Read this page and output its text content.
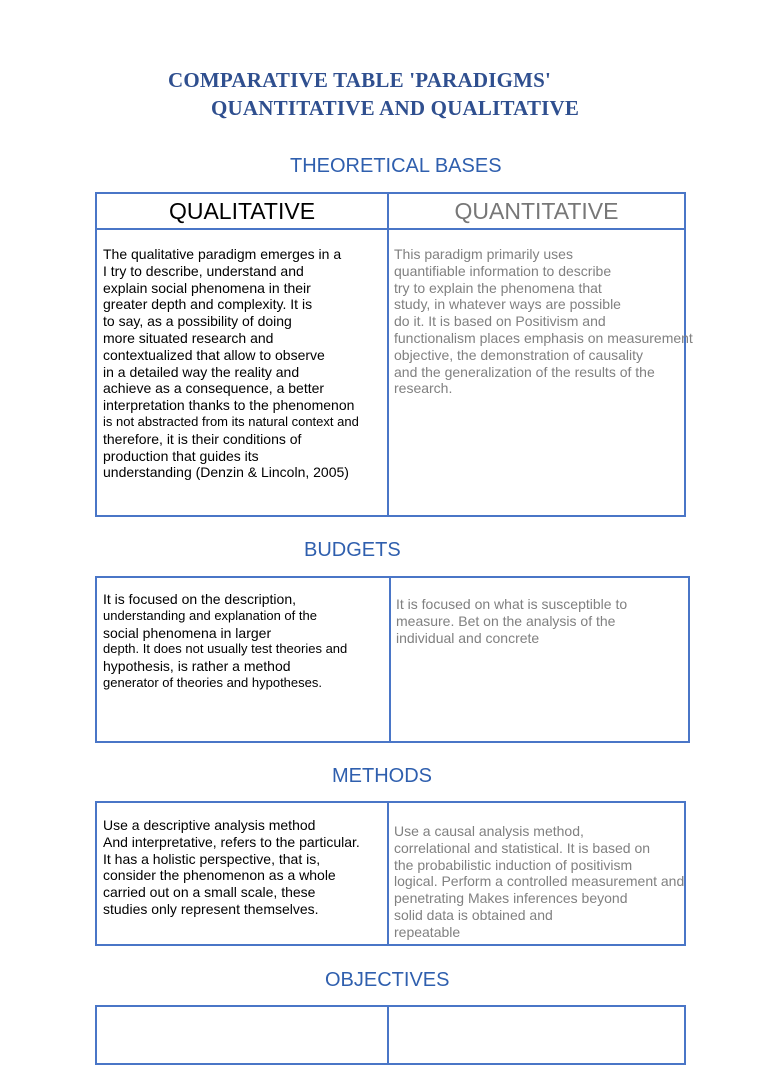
COMPARATIVE TABLE 'PARADIGMS'
QUANTITATIVE AND QUALITATIVE
THEORETICAL BASES
QUALITATIVE	QUANTITATIVE
The qualitative paradigm emerges in a
I try to describe, understand and
explain social phenomena in their
greater depth and complexity. It is
to say, as a possibility of doing
more situated research and
contextualized that allow to observe
in a detailed way the reality and
achieve as a consequence, a better
interpretation thanks to the phenomenon
is not abstracted from its natural context and
therefore, it is their conditions of
production that guides its
understanding (Denzin & Lincoln, 2005)
This paradigm primarily uses
quantifiable information to describe
try to explain the phenomena that
study, in whatever ways are possible
do it. It is based on Positivism and
functionalism places emphasis on measurement
objective, the demonstration of causality
and the generalization of the results of the
research.
BUDGETS
It is focused on the description,
understanding and explanation of the
social phenomena in larger
depth. It does not usually test theories and
hypothesis, is rather a method
generator of theories and hypotheses.
It is focused on what is susceptible to
measure. Bet on the analysis of the
individual and concrete
METHODS
Use a descriptive analysis method
And interpretative, refers to the particular.
It has a holistic perspective, that is,
consider the phenomenon as a whole
carried out on a small scale, these
studies only represent themselves.
Use a causal analysis method,
correlational and statistical. It is based on
the probabilistic induction of positivism
logical. Perform a controlled measurement and
penetrating Makes inferences beyond
solid data is obtained and
repeatable
OBJECTIVES
